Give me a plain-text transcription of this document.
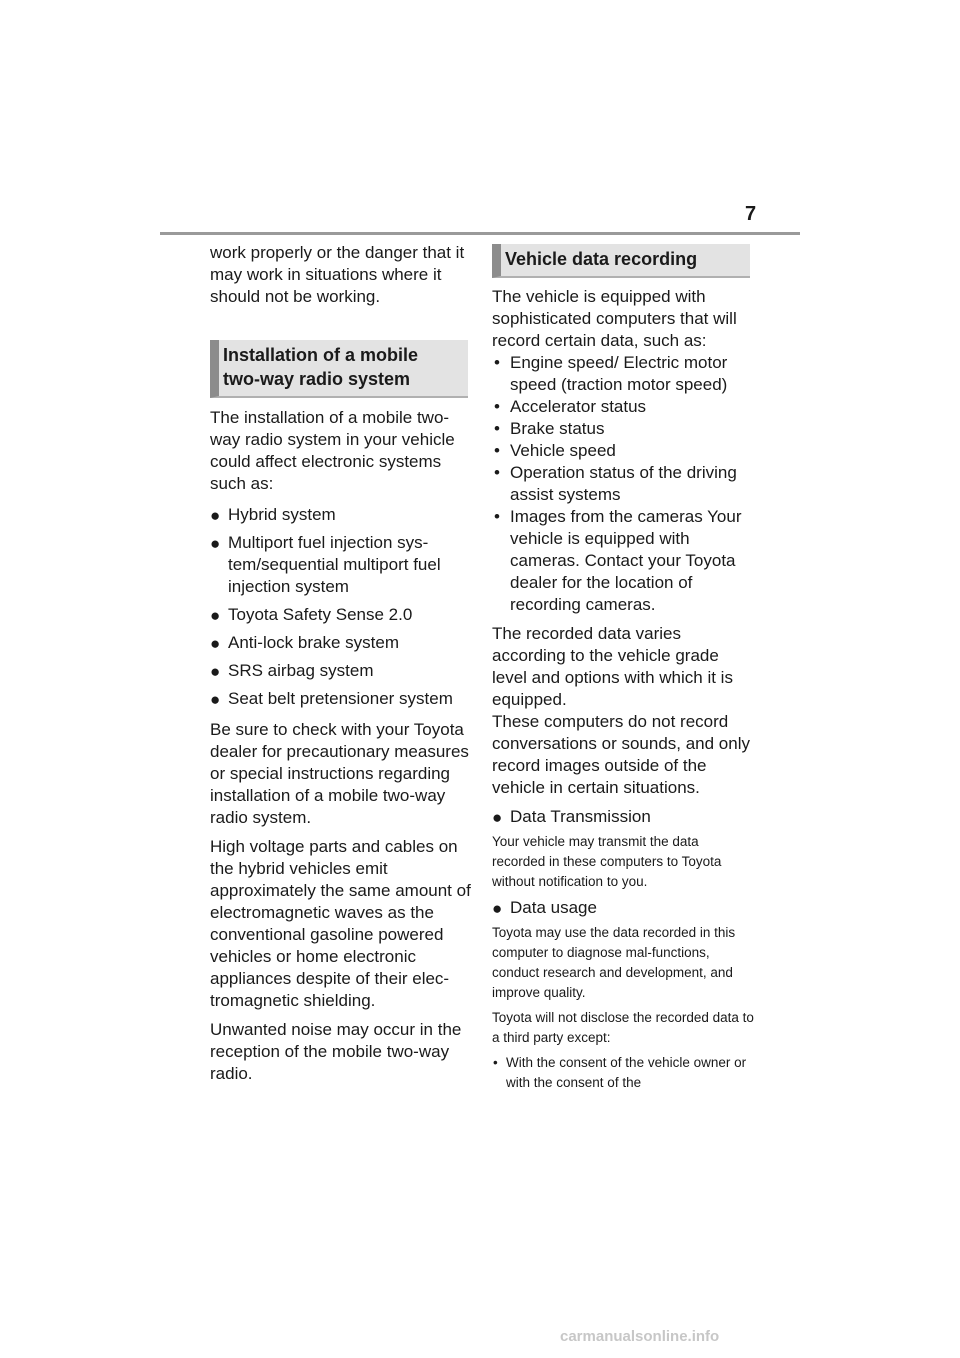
7

work properly or the danger that it may work in situations where it should not be working.

Installation of a mobile
two-way radio system

The installation of a mobile two-way radio system in your vehicle could affect electronic systems such as:

● Hybrid system
● Multiport fuel injection sys-tem/sequential multiport fuel injection system
● Toyota Safety Sense 2.0
● Anti-lock brake system
● SRS airbag system
● Seat belt pretensioner system

Be sure to check with your Toyota dealer for precautionary measures or special instructions regarding installation of a mobile two-way radio system.

High voltage parts and cables on the hybrid vehicles emit approximately the same amount of electromagnetic waves as the conventional gasoline powered vehicles or home electronic appliances despite of their elec-tromagnetic shielding.

Unwanted noise may occur in the reception of the mobile two-way radio.

Vehicle data recording

The vehicle is equipped with sophisticated computers that will record certain data, such as:

• Engine speed/ Electric motor speed (traction motor speed)
• Accelerator status
• Brake status
• Vehicle speed
• Operation status of the driving assist systems
• Images from the cameras Your vehicle is equipped with cameras. Contact your Toyota dealer for the location of recording cameras.

The recorded data varies according to the vehicle grade level and options with which it is equipped.

These computers do not record conversations or sounds, and only record images outside of the vehicle in certain situations.

● Data Transmission

Your vehicle may transmit the data recorded in these computers to Toyota without notification to you.

● Data usage

Toyota may use the data recorded in this computer to diagnose mal-functions, conduct research and development, and improve quality.

Toyota will not disclose the recorded data to a third party except:

• With the consent of the vehicle owner or with the consent of the
carmanualsonline.info
